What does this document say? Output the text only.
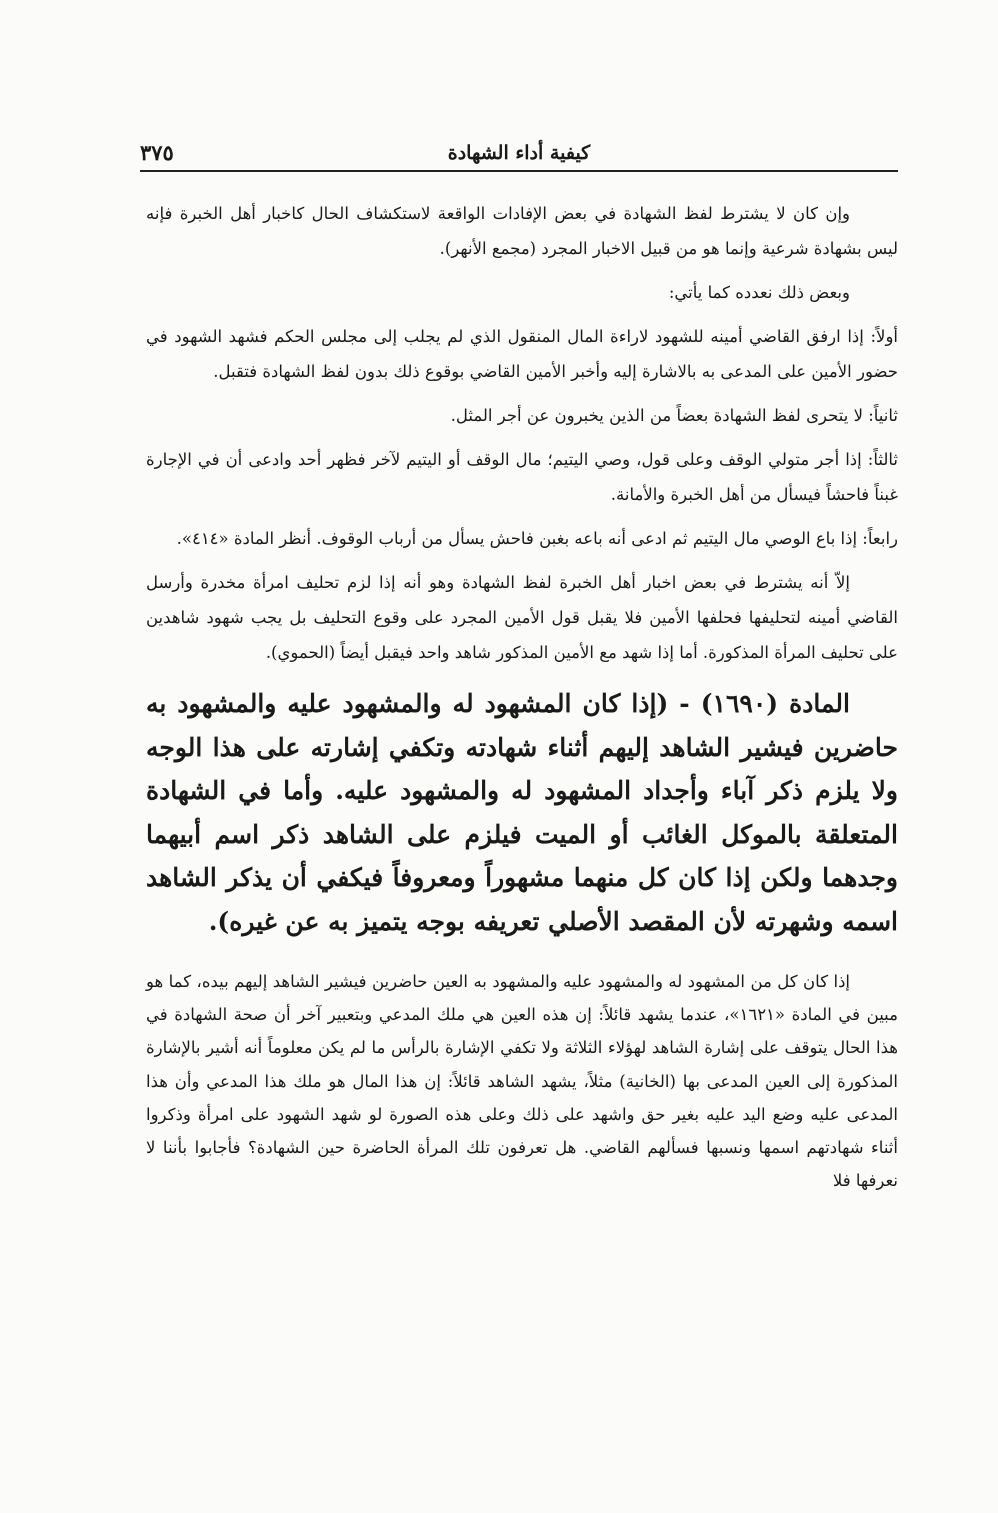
كيفية أداء الشهادة
٣٧٥

وإن كان لا يشترط لفظ الشهادة في بعض الإفادات الواقعة لاستكشاف الحال كاخبار أهل الخبرة فإنه ليس بشهادة شرعية وإنما هو من قبيل الاخبار المجرد (مجمع الأنهر).

وبعض ذلك نعدده كما يأتي:

أولاً: إذا ارفق القاضي أمينه للشهود لاراءة المال المنقول الذي لم يجلب إلى مجلس الحكم فشهد الشهود في حضور الأمين على المدعى به بالاشارة إليه وأخبر الأمين القاضي بوقوع ذلك بدون لفظ الشهادة فتقبل.

ثانياً: لا يتحرى لفظ الشهادة بعضاً من الذين يخبرون عن أجر المثل.

ثالثاً: إذا أجر متولي الوقف وعلى قول، وصي اليتيم؛ مال الوقف أو اليتيم لآخر فظهر أحد وادعى أن في الإجارة غبناً فاحشاً فيسأل من أهل الخبرة والأمانة.

رابعاً: إذا باع الوصي مال اليتيم ثم ادعى أنه باعه بغبن فاحش يسأل من أرباب الوقوف. أنظر المادة «٤١٤».

إلاّ أنه يشترط في بعض اخبار أهل الخبرة لفظ الشهادة وهو أنه إذا لزم تحليف امرأة مخدرة وأرسل القاضي أمينه لتحليفها فحلفها الأمين فلا يقبل قول الأمين المجرد على وقوع التحليف بل يجب شهود شاهدين على تحليف المرأة المذكورة. أما إذا شهد مع الأمين المذكور شاهد واحد فيقبل أيضاً (الحموي).

المادة (١٦٩٠) - (إذا كان المشهود له والمشهود عليه والمشهود به حاضرين فيشير الشاهد إليهم أثناء شهادته وتكفي إشارته على هذا الوجه ولا يلزم ذكر آباء وأجداد المشهود له والمشهود عليه. وأما في الشهادة المتعلقة بالموكل الغائب أو الميت فيلزم على الشاهد ذكر اسم أبيهما وجدهما ولكن إذا كان كل منهما مشهوراً ومعروفاً فيكفي أن يذكر الشاهد اسمه وشهرته لأن المقصد الأصلي تعريفه بوجه يتميز به عن غيره).

إذا كان كل من المشهود له والمشهود عليه والمشهود به العين حاضرين فيشير الشاهد إليهم بيده، كما هو مبين في المادة «١٦٢١»، عندما يشهد قائلاً: إن هذه العين هي ملك المدعي وبتعبير آخر أن صحة الشهادة في هذا الحال يتوقف على إشارة الشاهد لهؤلاء الثلاثة ولا تكفي الإشارة بالرأس ما لم يكن معلوماً أنه أشير بالإشارة المذكورة إلى العين المدعى بها (الخانية) مثلاً، يشهد الشاهد قائلاً: إن هذا المال هو ملك هذا المدعي وأن هذا المدعى عليه وضع اليد عليه بغير حق واشهد على ذلك وعلى هذه الصورة لو شهد الشهود على امرأة وذكروا أثناء شهادتهم اسمها ونسبها فسألهم القاضي. هل تعرفون تلك المرأة الحاضرة حين الشهادة؟ فأجابوا بأننا لا نعرفها فلا
